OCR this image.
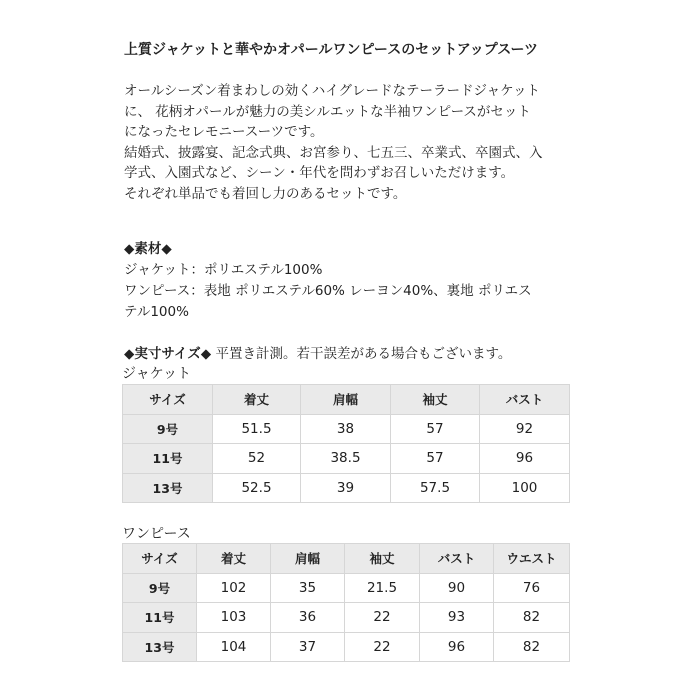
上質ジャケットと華やかオパールワンピースのセットアップスーツ
オールシーズン着まわしの効くハイグレードなテーラードジャケット
に、 花柄オパールが魅力の美シルエットな半袖ワンピースがセット
になったセレモニースーツです。
結婚式、披露宴、記念式典、お宮参り、七五三、卒業式、卒園式、入
学式、入園式など、シーン・年代を問わずお召しいただけます。
それぞれ単品でも着回し力のあるセットです。
◆素材◆
ジャケット：ポリエステル100%
ワンピース：表地 ポリエステル60% レーヨン40%、裏地 ポリエス
テル100%
◆実寸サイズ◆ 平置き計測。若干誤差がある場合もございます。
ジャケット
サイズ	着丈	肩幅	袖丈	バスト
9号	51.5	38	57	92
11号	52	38.5	57	96
13号	52.5	39	57.5	100
ワンピース
サイズ	着丈	肩幅	袖丈	バスト	ウエスト
9号	102	35	21.5	90	76
11号	103	36	22	93	82
13号	104	37	22	96	82
